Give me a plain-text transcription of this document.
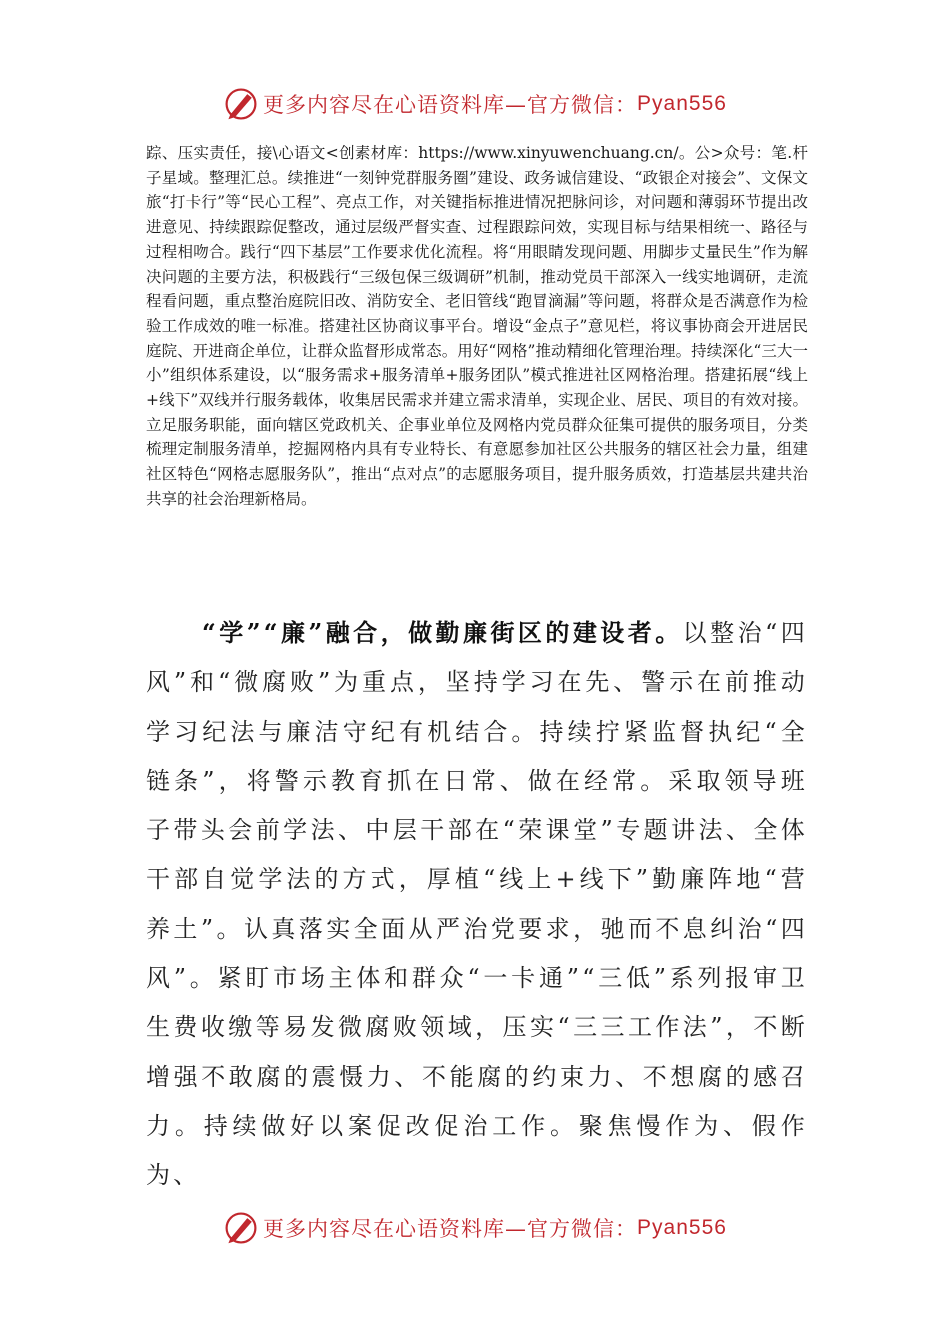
更多内容尽在心语资料库—官方微信： Pyan556

踪、压实责任，接\心语文<创素材库：https://www.xinyuwenchuang.cn/。公>众号：笔.杆子星域。整理汇总。续推进“一刻钟党群服务圈”建设、政务诚信建设、“政银企对接会”、文保文旅“打卡行”等“民心工程”、亮点工作，对关键指标推进情况把脉问诊，对问题和薄弱环节提出改进意见、持续跟踪促整改，通过层级严督实查、过程跟踪问效，实现目标与结果相统一、路径与过程相吻合。践行“四下基层”工作要求优化流程。将“用眼睛发现问题、用脚步丈量民生”作为解决问题的主要方法，积极践行“三级包保三级调研”机制，推动党员干部深入一线实地调研，走流程看问题，重点整治庭院旧改、消防安全、老旧管线“跑冒滴漏”等问题，将群众是否满意作为检验工作成效的唯一标准。搭建社区协商议事平台。增设“金点子”意见栏，将议事协商会开进居民庭院、开进商企单位，让群众监督形成常态。用好“网格”推动精细化管理治理。持续深化“三大一小”组织体系建设，以“服务需求+服务清单+服务团队”模式推进社区网格治理。搭建拓展“线上+线下”双线并行服务载体，收集居民需求并建立需求清单，实现企业、居民、项目的有效对接。立足服务职能，面向辖区党政机关、企事业单位及网格内党员群众征集可提供的服务项目，分类梳理定制服务清单，挖掘网格内具有专业特长、有意愿参加社区公共服务的辖区社会力量，组建社区特色“网格志愿服务队”，推出“点对点”的志愿服务项目，提升服务质效，打造基层共建共治共享的社会治理新格局。

“学”“廉”融合，做勤廉街区的建设者。以整治“四风”和“微腐败”为重点，坚持学习在先、警示在前推动学习纪法与廉洁守纪有机结合。持续拧紧监督执纪“全链条”，将警示教育抓在日常、做在经常。采取领导班子带头会前学法、中层干部在“荣课堂”专题讲法、全体干部自觉学法的方式，厚植“线上+线下”勤廉阵地“营养土”。认真落实全面从严治党要求，驰而不息纠治“四风”。紧盯市场主体和群众“一卡通”“三低”系列报审卫生费收缴等易发微腐败领域，压实“三三工作法”，不断增强不敢腐的震慑力、不能腐的约束力、不想腐的感召力。持续做好以案促改促治工作。聚焦慢作为、假作为、

更多内容尽在心语资料库—官方微信： Pyan556
